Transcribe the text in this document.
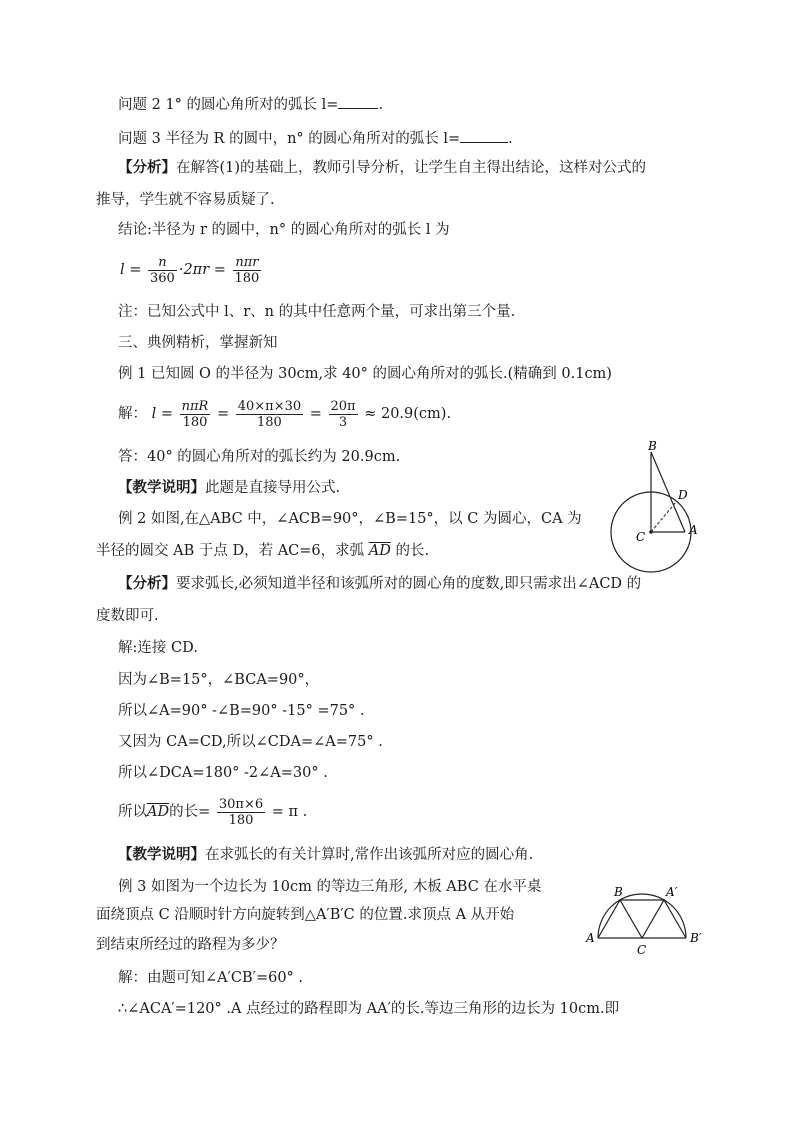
问题 2 1° 的圆心角所对的弧长 l=	.
问题 3 半径为 R 的圆中，n° 的圆心角所对的弧长 l=	.
【分析】在解答(1)的基础上，教师引导分析，让学生自主得出结论，这样对公式的
推导，学生就不容易质疑了.
结论:半径为 r 的圆中，n° 的圆心角所对的弧长 l 为
$l = \frac{n}{360} \cdot 2\pi r = \frac{\text{nπr}}{180}$
注：已知公式中 l、r、n 的其中任意两个量，可求出第三个量.
三、典例精析，掌握新知
例 1 已知圆 O 的半径为 30cm,求 40° 的圆心角所对的弧长.(精确到 0.1cm)
解： $l = \frac{\text{nπR}}{180} = \frac{40\times\pi\times 30}{180} = \frac{20\pi}{3} \approx 20.9(cm)$.
答：40° 的圆心角所对的弧长约为 20.9cm.
【教学说明】此题是直接导用公式.
例 2 如图,在△ABC 中，∠ACB=90°，∠B=15°，以 C 为圆心，CA 为
半径的圆交 AB 于点 D，若 AC=6，求弧 $\overline{AD}$ 的长.
B
D
A
C
【分析】要求弧长,必须知道半径和该弧所对的圆心角的度数,即只需求出∠ACD 的
度数即可.
解:连接 CD.
因为∠B=15°，∠BCA=90°，
所以∠A=90° -∠B=90° -15° =75° .
又因为 CA=CD,所以∠CDA=∠A=75° .
所以∠DCA=180° -2∠A=30° .
所以$\overline{AD}$的长= $\frac{30\pi\times 6}{180} = \pi$ .
【教学说明】在求弧长的有关计算时,常作出该弧所对应的圆心角.
例 3 如图为一个边长为 10cm 的等边三角形, 木板 ABC 在水平桌
面绕顶点 C 沿顺时针方向旋转到△A′B′C 的位置.求顶点 A 从开始
到结束所经过的路程为多少？	A
B	A′
C
B′
解：由题可知∠A′CB′=60° .
∴∠ACA′=120° .A 点经过的路程即为 AA′的长.等边三角形的边长为 10cm.即
